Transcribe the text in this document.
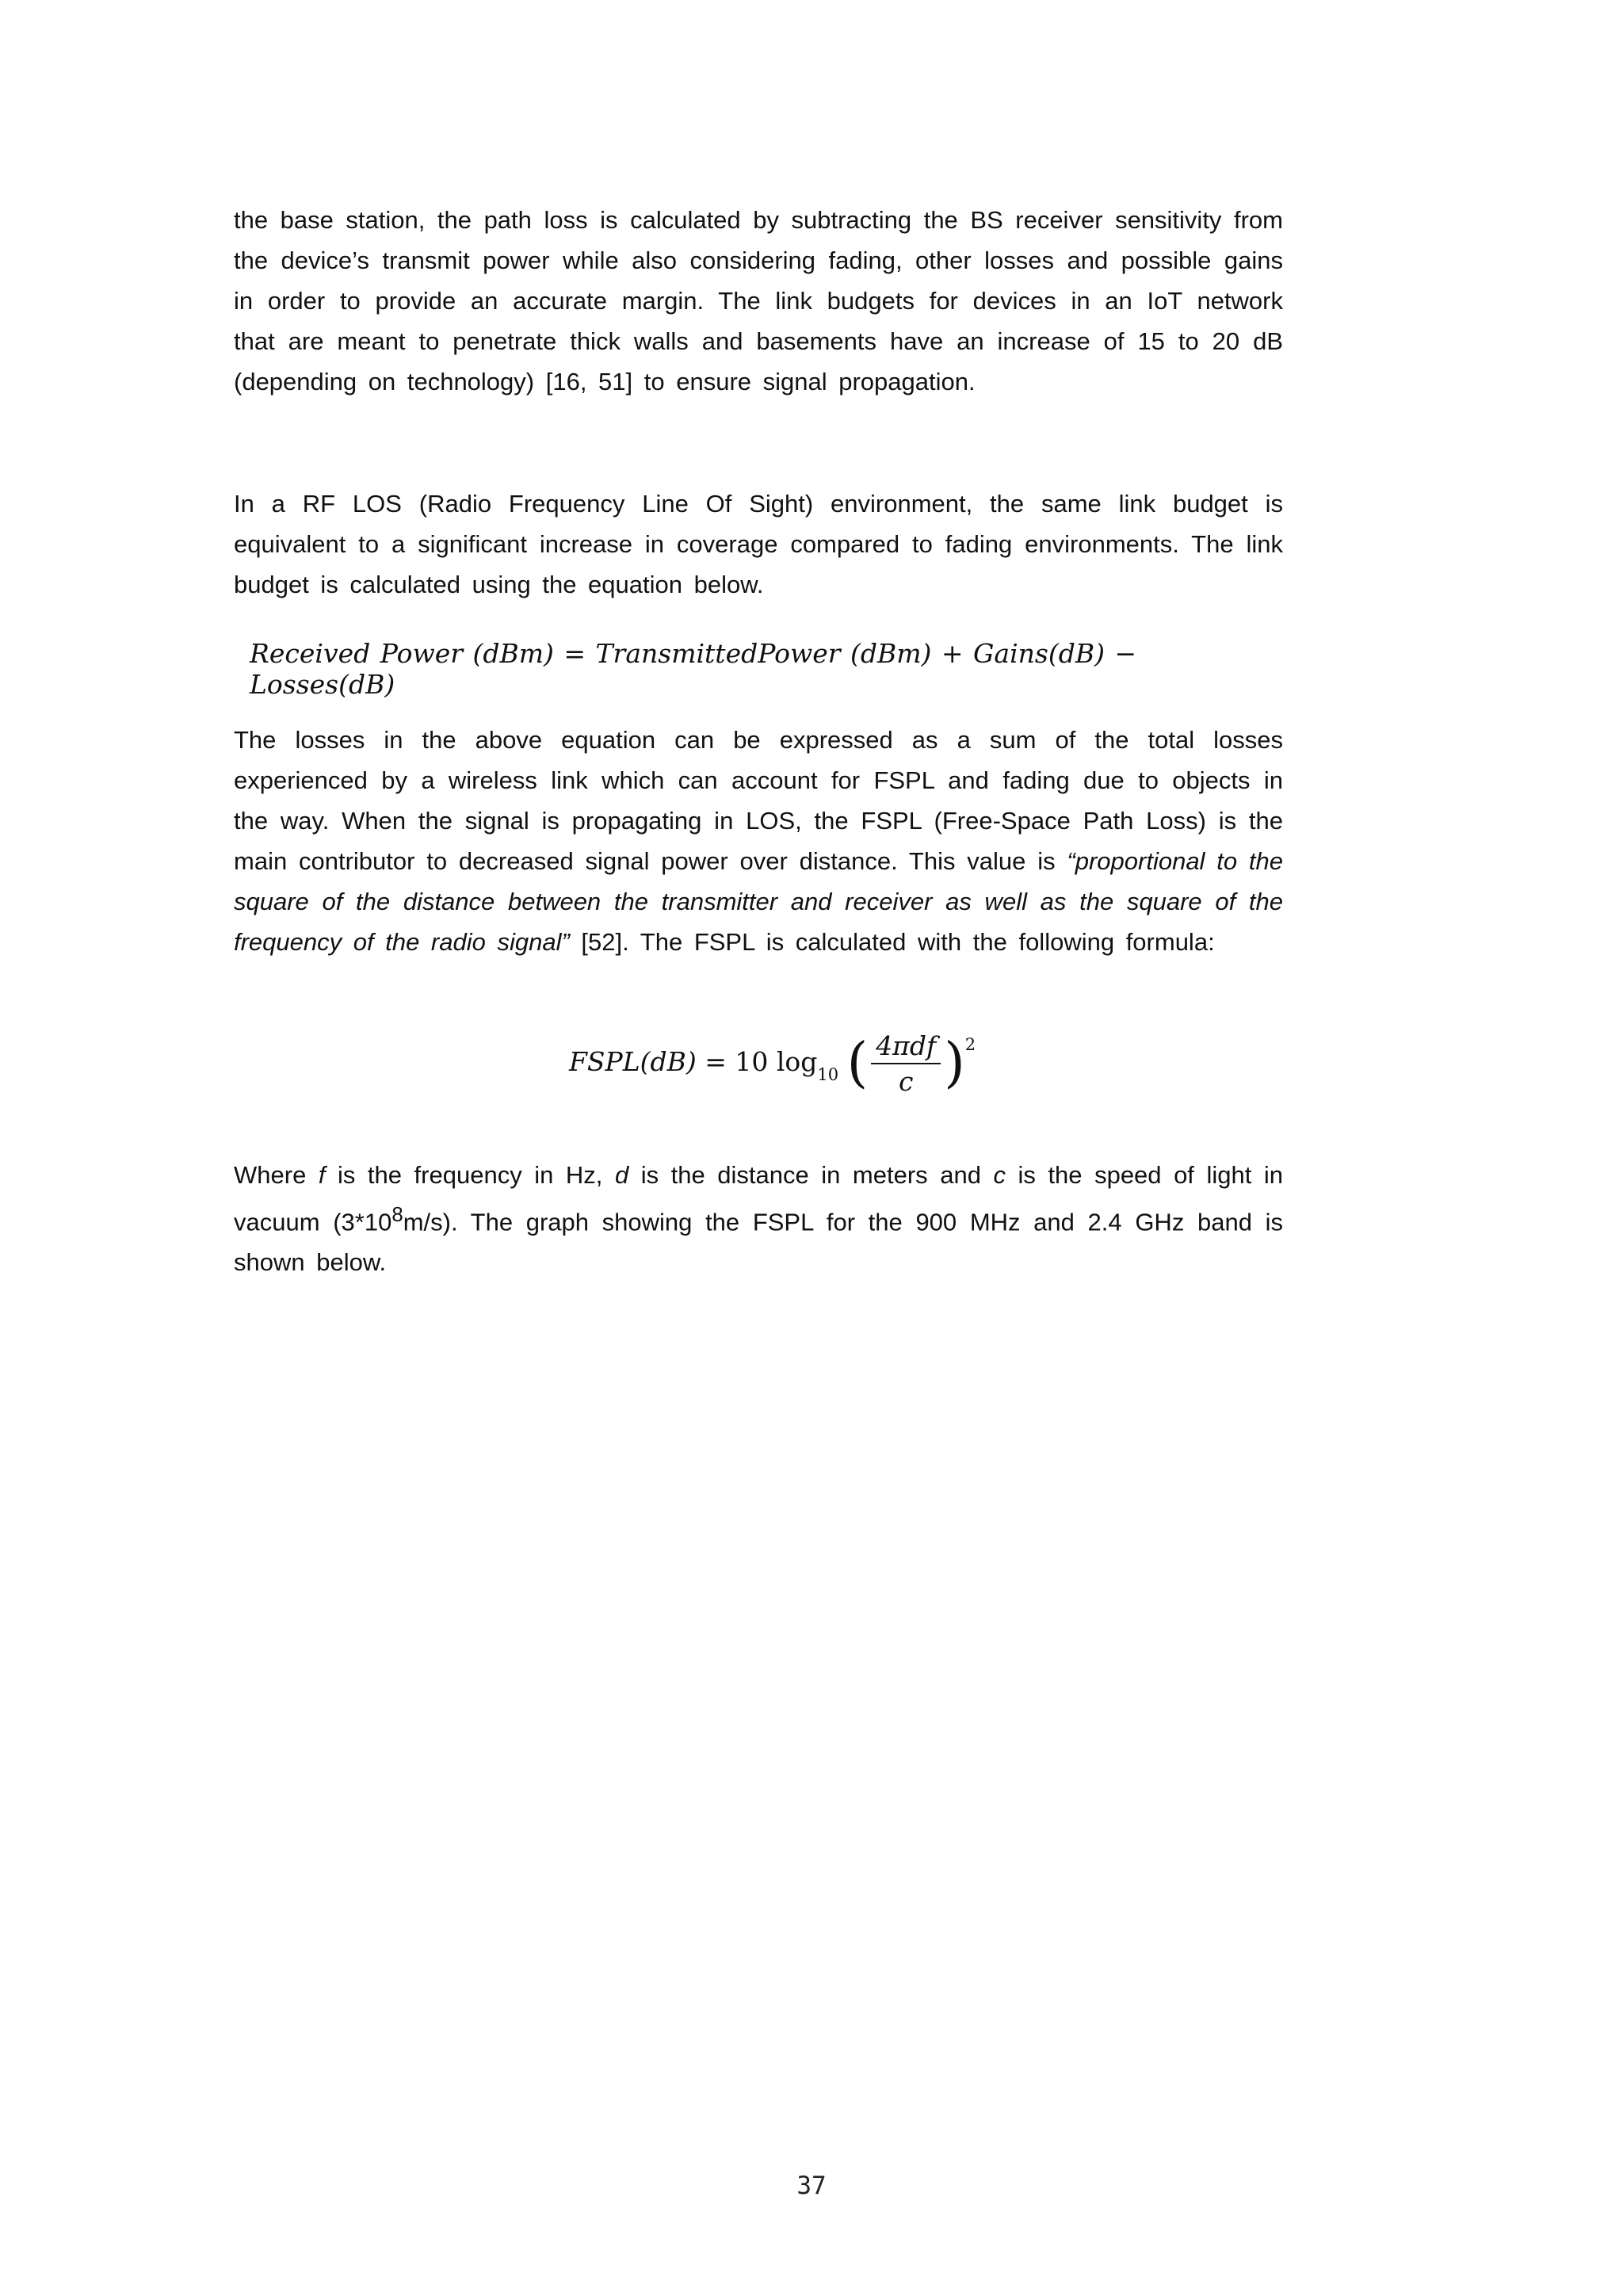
the base station, the path loss is calculated by subtracting the BS receiver sensitivity from the device’s transmit power while also considering fading, other losses and possible gains in order to provide an accurate margin. The link budgets for devices in an IoT network that are meant to penetrate thick walls and basements have an increase of 15 to 20 dB (depending on technology) [16, 51] to ensure signal propagation.

In a RF LOS (Radio Frequency Line Of Sight) environment, the same link budget is equivalent to a significant increase in coverage compared to fading environments. The link budget is calculated using the equation below.

Received Power (dBm) = TransmittedPower (dBm) + Gains(dB) − Losses(dB)

The losses in the above equation can be expressed as a sum of the total losses experienced by a wireless link which can account for FSPL and fading due to objects in the way. When the signal is propagating in LOS, the FSPL (Free-Space Path Loss) is the main contributor to decreased signal power over distance. This value is “proportional to the square of the distance between the transmitter and receiver as well as the square of the frequency of the radio signal” [52]. The FSPL is calculated with the following formula:

FSPL(dB) = 10 $\log_{10}$ ( $\frac{\text{4πdf}}{c} )^2$

Where f is the frequency in Hz, d is the distance in meters and c is the speed of light in vacuum $(3*10^8m/s)$. The graph showing the FSPL for the 900 MHz and 2.4 GHz band is shown below.

37
